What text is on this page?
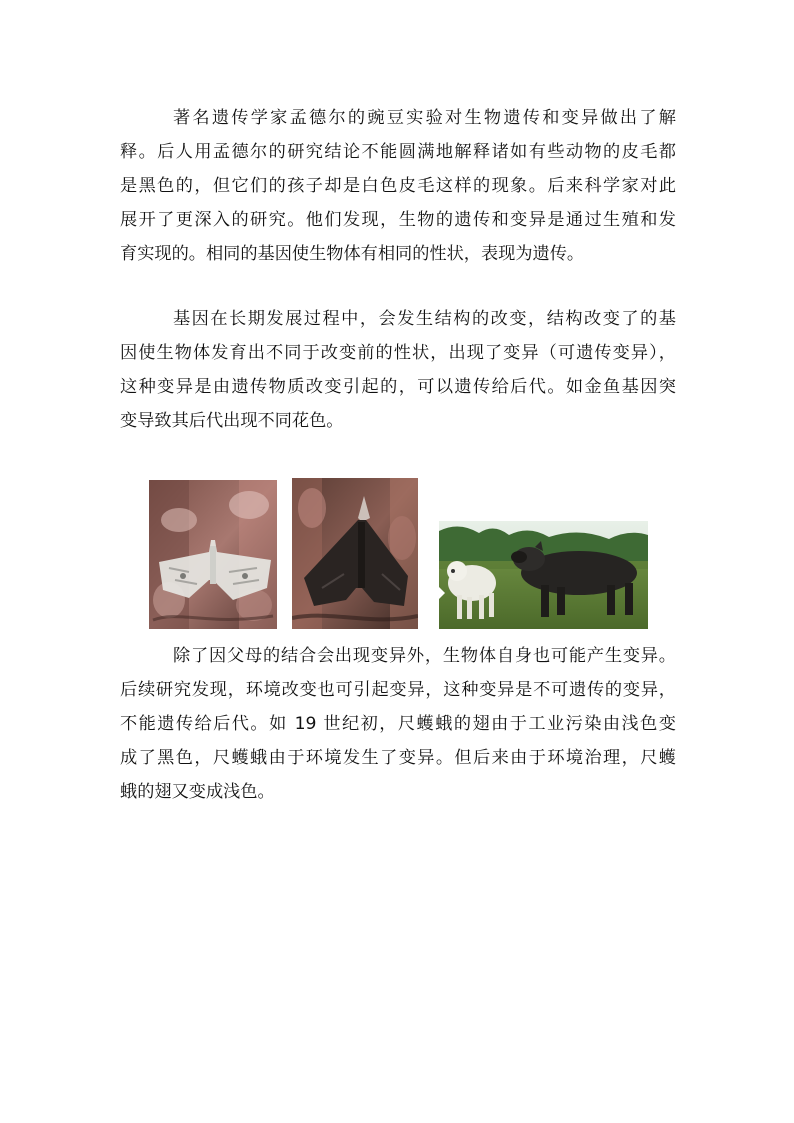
著名遗传学家孟德尔的豌豆实验对生物遗传和变异做出了解
释。后人用孟德尔的研究结论不能圆满地解释诸如有些动物的皮毛都
是黑色的，但它们的孩子却是白色皮毛这样的现象。后来科学家对此
展开了更深入的研究。他们发现，生物的遗传和变异是通过生殖和发
育实现的。相同的基因使生物体有相同的性状，表现为遗传。
基因在长期发展过程中，会发生结构的改变，结构改变了的基
因使生物体发育出不同于改变前的性状，出现了变异（可遗传变异），
这种变异是由遗传物质改变引起的，可以遗传给后代。如金鱼基因突
变导致其后代出现不同花色。
除了因父母的结合会出现变异外，生物体自身也可能产生变异。
后续研究发现，环境改变也可引起变异，这种变异是不可遗传的变异，
不能遗传给后代。如 19 世纪初，尺蠖蛾的翅由于工业污染由浅色变
成了黑色，尺蠖蛾由于环境发生了变异。但后来由于环境治理，尺蠖
蛾的翅又变成浅色。
